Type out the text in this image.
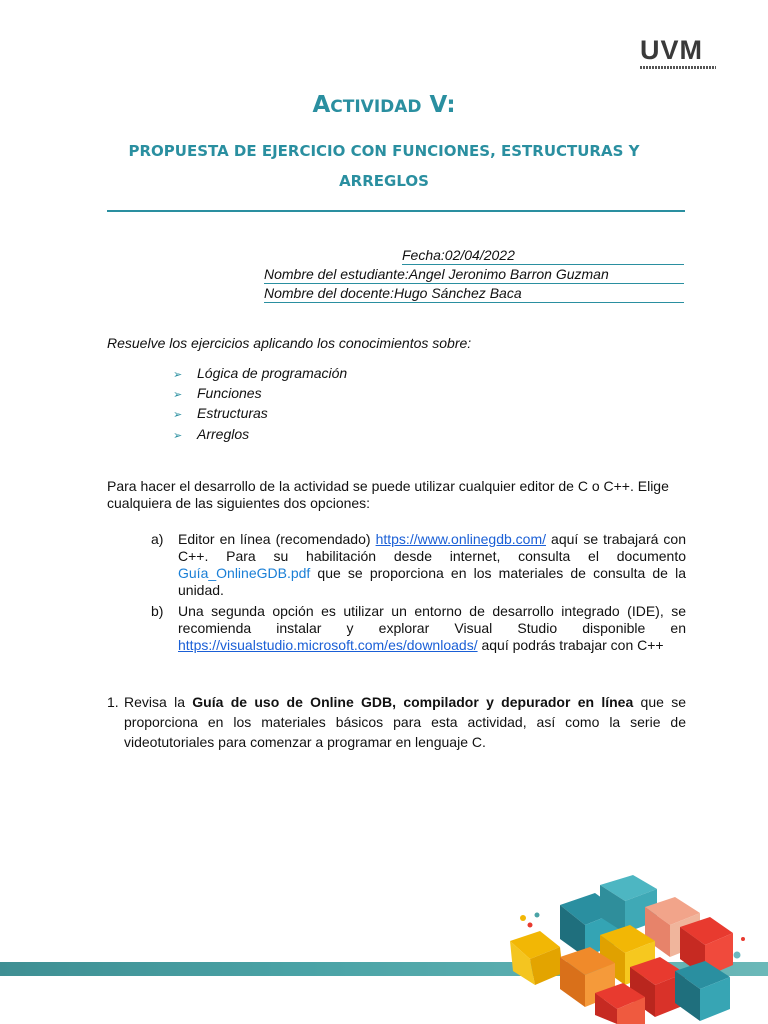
UVM
ACTIVIDAD V:
PROPUESTA DE EJERCICIO CON FUNCIONES, ESTRUCTURAS Y
ARREGLOS
Fecha:02/04/2022
Nombre del estudiante:Angel Jeronimo Barron Guzman
Nombre del docente:Hugo Sánchez Baca
Resuelve los ejercicios aplicando los conocimientos sobre:
➢ Lógica de programación
➢ Funciones
➢ Estructuras
➢ Arreglos
Para hacer el desarrollo de la actividad se puede utilizar cualquier editor de C o C++. Elige cualquiera de las siguientes dos opciones:
a) Editor en línea (recomendado) https://www.onlinegdb.com/ aquí se trabajará con C++. Para su habilitación desde internet, consulta el documento Guía_OnlineGDB.pdf que se proporciona en los materiales de consulta de la unidad.
b) Una segunda opción es utilizar un entorno de desarrollo integrado (IDE), se recomienda instalar y explorar Visual Studio disponible en https://visualstudio.microsoft.com/es/downloads/ aquí podrás trabajar con C++
1. Revisa la Guía de uso de Online GDB, compilador y depurador en línea que se proporciona en los materiales básicos para esta actividad, así como la serie de videotutoriales para comenzar a programar en lenguaje C.
